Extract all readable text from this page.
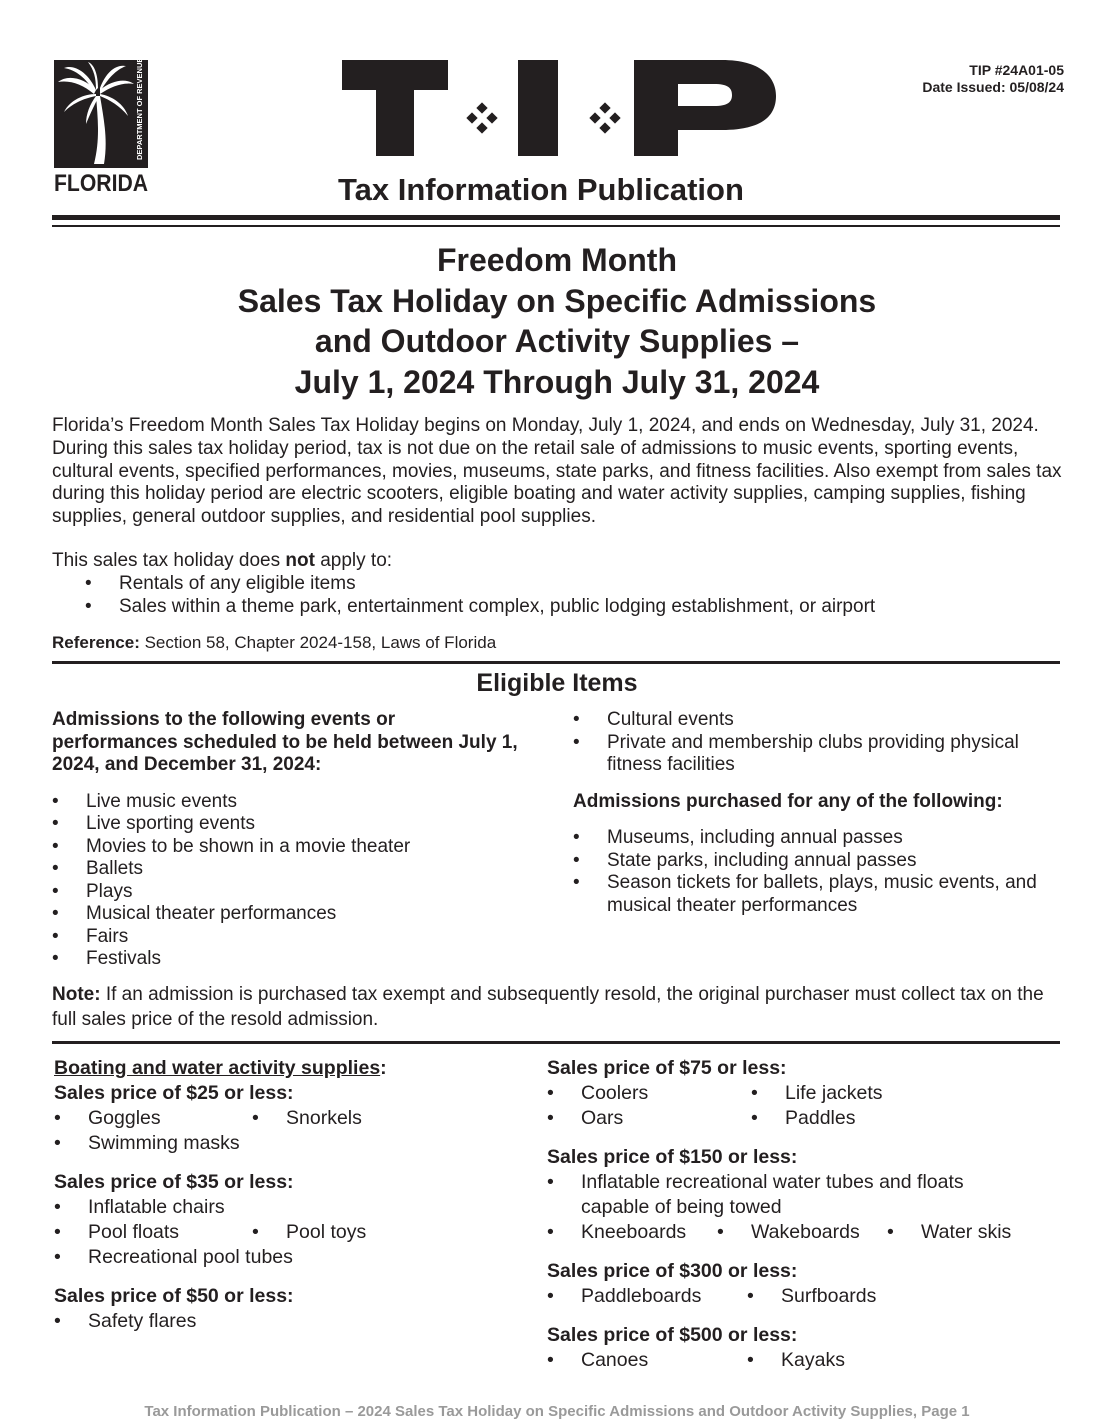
DEPARTMENT OF REVENUE
FLORIDA
TIP #24A01-05
Date Issued: 05/08/24
Tax Information Publication
Freedom Month
Sales Tax Holiday on Specific Admissions
and Outdoor Activity Supplies –
July 1, 2024 Through July 31, 2024
Florida’s Freedom Month Sales Tax Holiday begins on Monday, July 1, 2024, and ends on Wednesday, July 31, 2024. During this sales tax holiday period, tax is not due on the retail sale of admissions to music events, sporting events, cultural events, specified performances, movies, museums, state parks, and fitness facilities. Also exempt from sales tax during this holiday period are electric scooters, eligible boating and water activity supplies, camping supplies, fishing supplies, general outdoor supplies, and residential pool supplies.
This sales tax holiday does not apply to:
• Rentals of any eligible items
• Sales within a theme park, entertainment complex, public lodging establishment, or airport
Reference: Section 58, Chapter 2024-158, Laws of Florida
Eligible Items
Admissions to the following events or performances scheduled to be held between July 1, 2024, and December 31, 2024:
• Live music events
• Live sporting events
• Movies to be shown in a movie theater
• Ballets
• Plays
• Musical theater performances
• Fairs
• Festivals
• Cultural events
• Private and membership clubs providing physical fitness facilities
Admissions purchased for any of the following:
• Museums, including annual passes
• State parks, including annual passes
• Season tickets for ballets, plays, music events, and musical theater performances
Note: If an admission is purchased tax exempt and subsequently resold, the original purchaser must collect tax on the full sales price of the resold admission.
Boating and water activity supplies:
Sales price of $25 or less:
• Goggles	• Snorkels
• Swimming masks
Sales price of $35 or less:
• Inflatable chairs
• Pool floats	• Pool toys
• Recreational pool tubes
Sales price of $50 or less:
• Safety flares
Sales price of $75 or less:
• Coolers	• Life jackets
• Oars	• Paddles
Sales price of $150 or less:
• Inflatable recreational water tubes and floats capable of being towed
• Kneeboards	• Wakeboards	• Water skis
Sales price of $300 or less:
• Paddleboards	• Surfboards
Sales price of $500 or less:
• Canoes	• Kayaks
Tax Information Publication – 2024 Sales Tax Holiday on Specific Admissions and Outdoor Activity Supplies, Page 1
